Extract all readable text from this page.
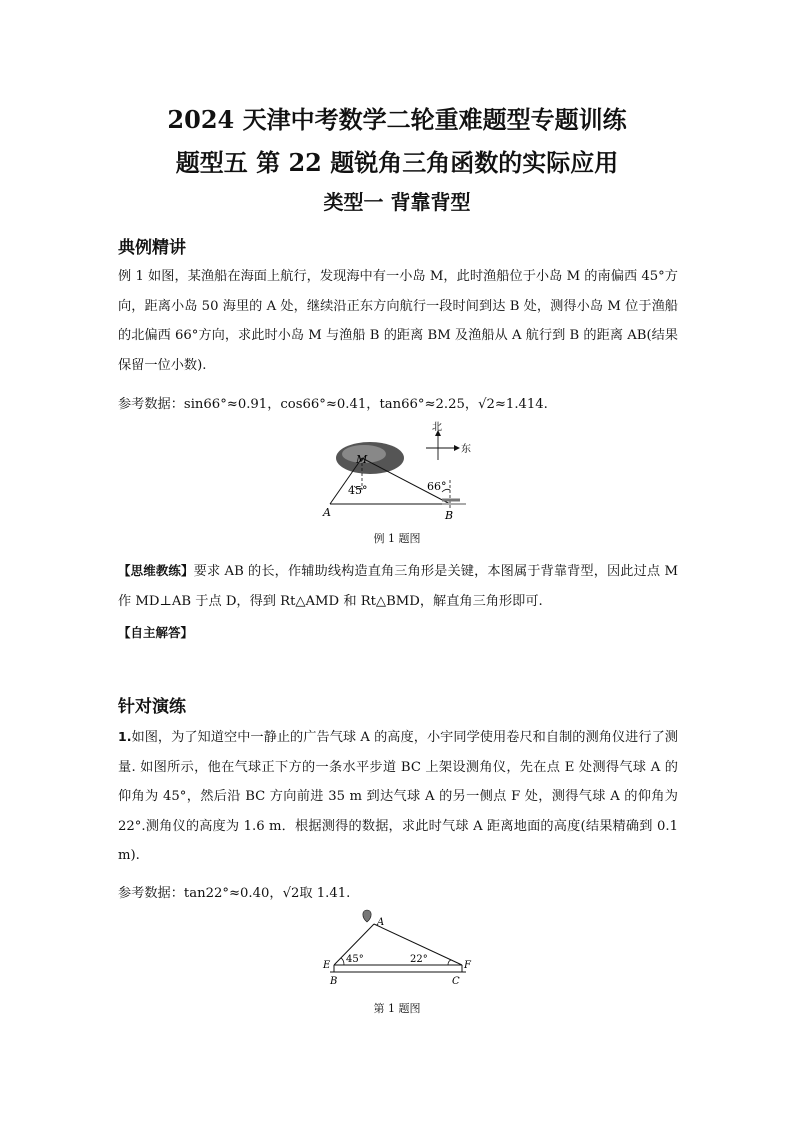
2024 天津中考数学二轮重难题型专题训练
题型五 第 22 题锐角三角函数的实际应用
类型一 背靠背型
典例精讲
例 1 如图，某渔船在海面上航行，发现海中有一小岛 M，此时渔船位于小岛 M 的南偏西 45°方向，距离小岛 50 海里的 A 处，继续沿正东方向航行一段时间到达 B 处，测得小岛 M 位于渔船的北偏西 66°方向，求此时小岛 M 与渔船 B 的距离 BM 及渔船从 A 航行到 B 的距离 AB(结果保留一位小数).
参考数据：sin66°≈0.91，cos66°≈0.41，tan66°≈2.25，√2≈1.414.
M
A	B
45°	66°
北
东
例 1 题图
【思维教练】要求 AB 的长，作辅助线构造直角三角形是关键，本图属于背靠背型，因此过点 M 作 MD⊥AB 于点 D，得到 Rt△AMD 和 Rt△BMD，解直角三角形即可.
【自主解答】
针对演练
1.如图，为了知道空中一静止的广告气球 A 的高度，小宇同学使用卷尺和自制的测角仪进行了测量. 如图所示，他在气球正下方的一条水平步道 BC 上架设测角仪，先在点 E 处测得气球 A 的仰角为 45°，然后沿 BC 方向前进 35 m 到达气球 A 的另一侧点 F 处，测得气球 A 的仰角为 22°.测角仪的高度为 1.6 m．根据测得的数据，求此时气球 A 距离地面的高度(结果精确到 0.1 m).
参考数据：tan22°≈0.40，√2取 1.41.
A
E
B
F
C
45°	22°
第 1 题图
